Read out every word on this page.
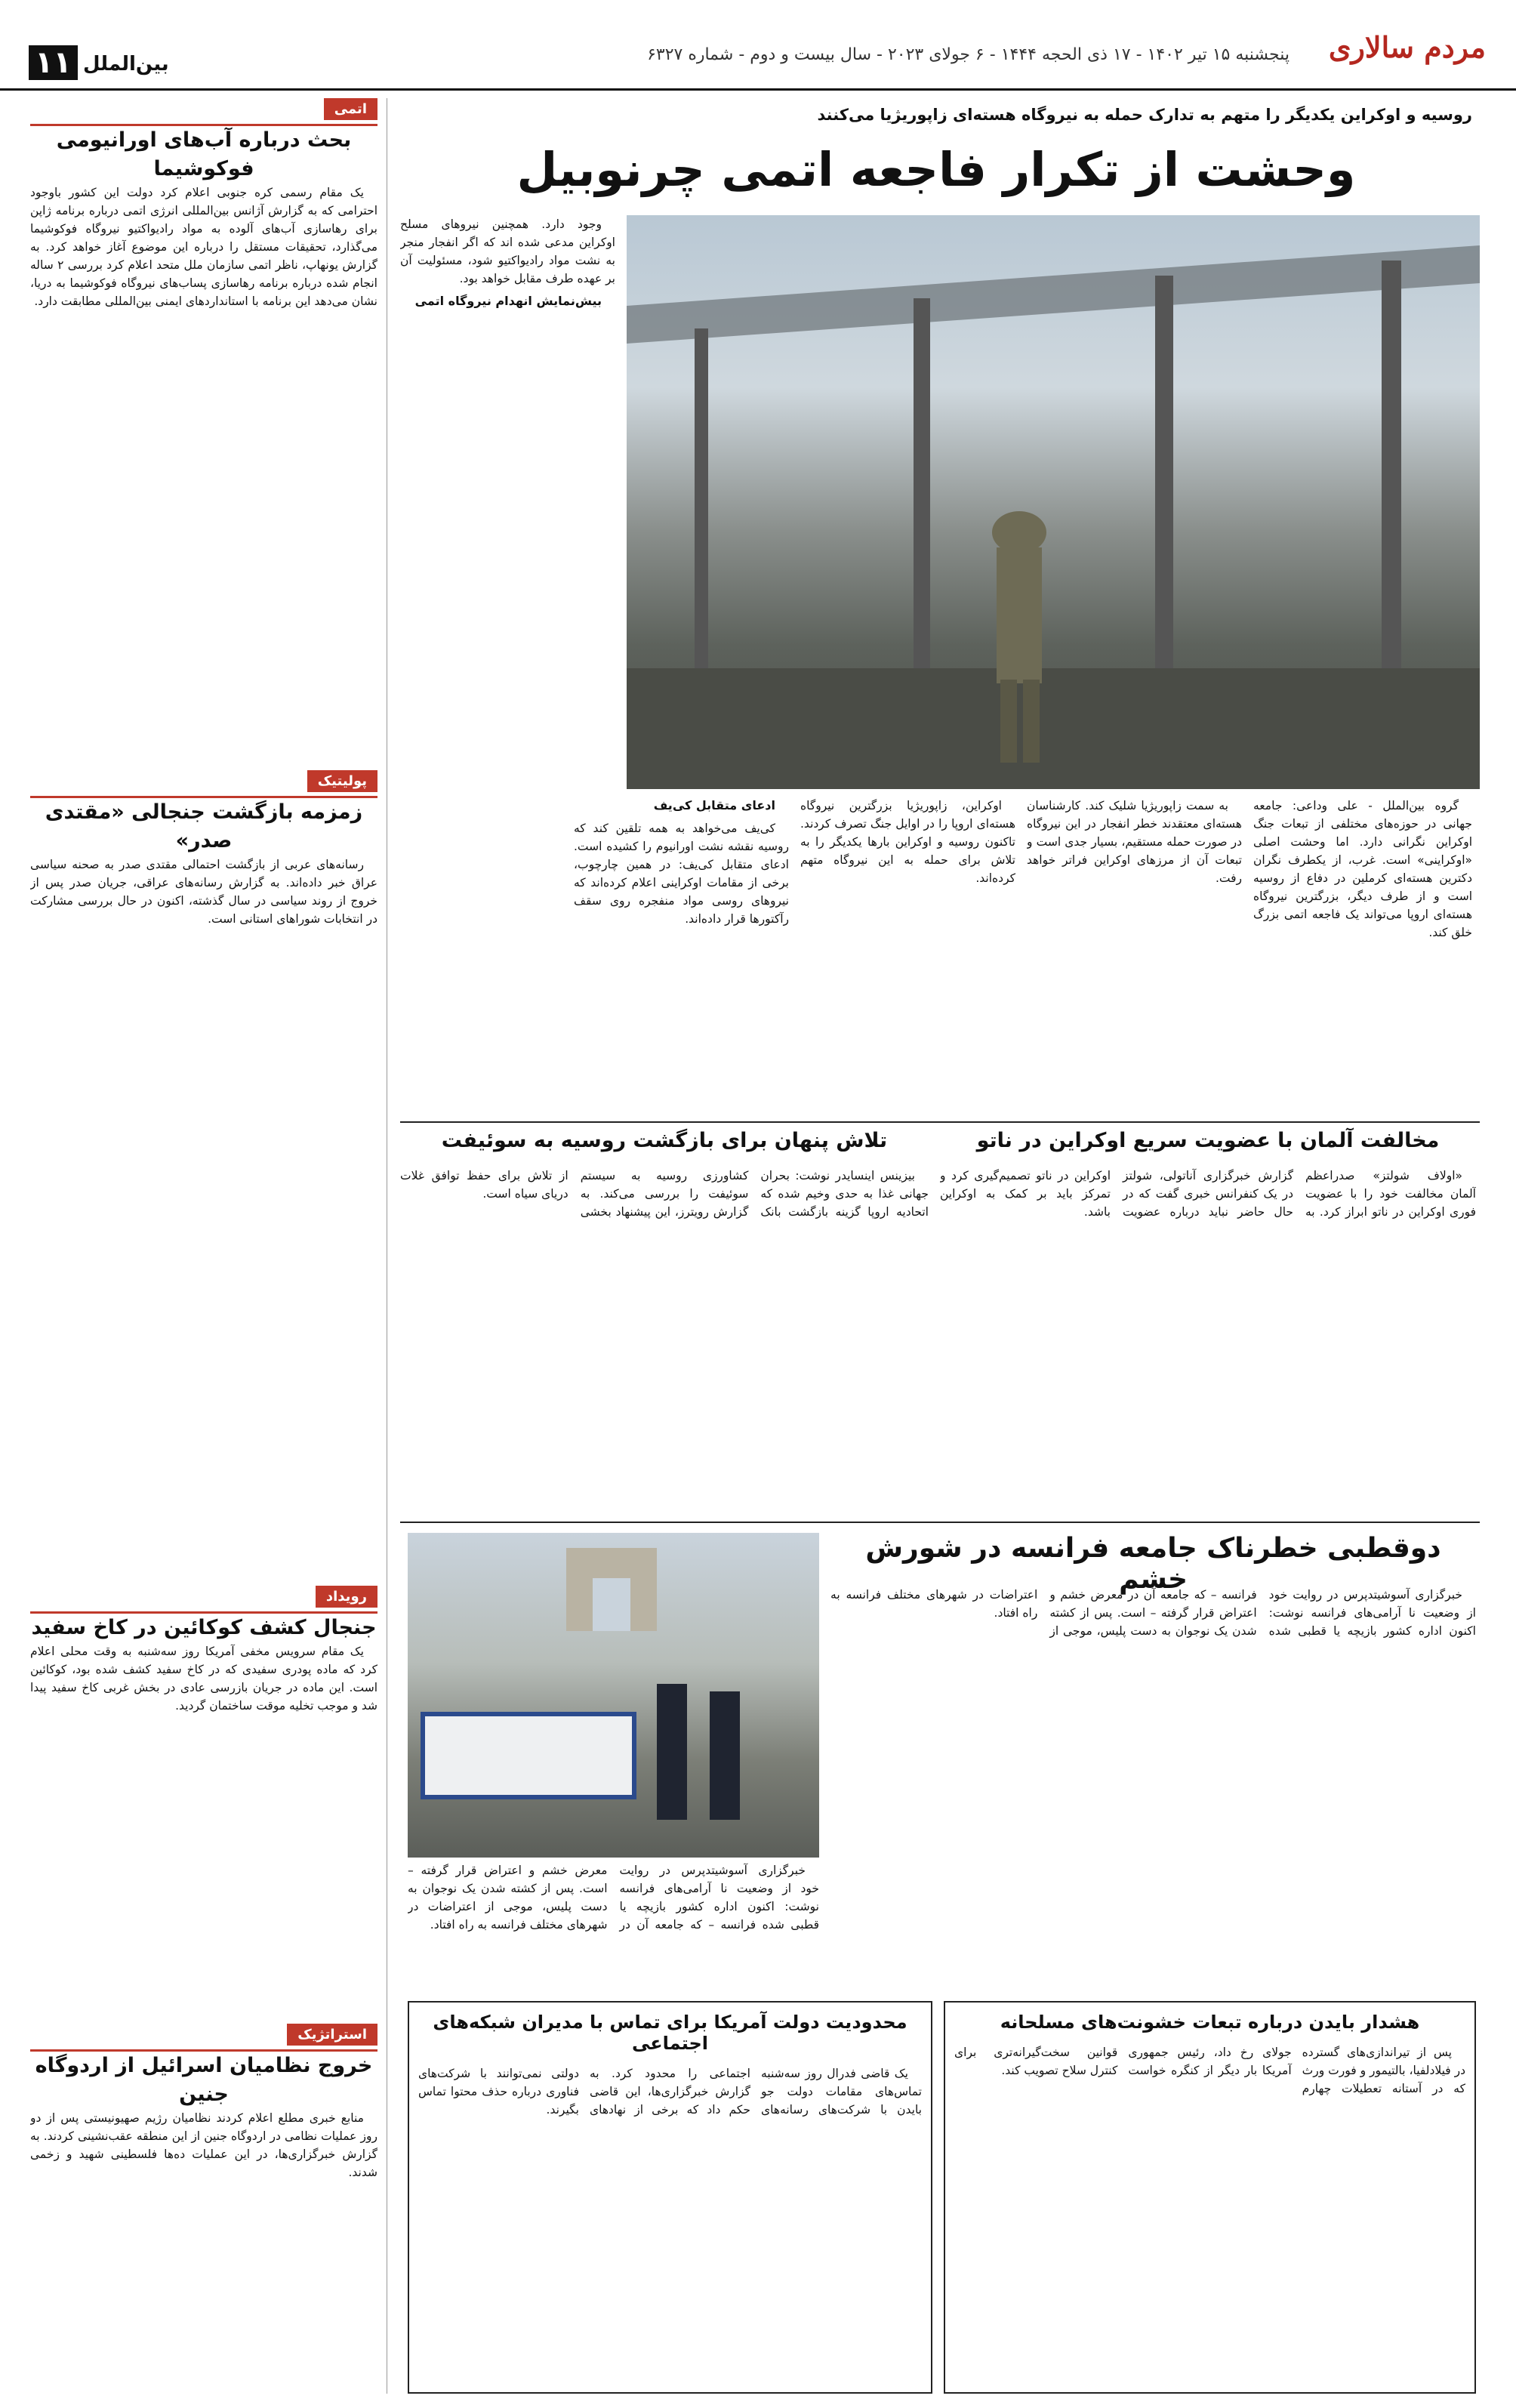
مردم سالاری
پنجشنبه ۱۵ تیر ۱۴۰۲ - ۱۷ ذی الحجه ۱۴۴۴ - ۶ جولای ۲۰۲۳ - سال بیست و دوم - شماره ۶۳۲۷
بین‌الملل
۱۱
روسیه و اوکراین یکدیگر را متهم به تدارک حمله به نیروگاه هسته‌ای زاپوریژیا می‌کنند
وحشت از تکرار فاجعه اتمی چرنوبیل

وجود دارد. همچنین نیروهای مسلح اوکراین مدعی شده اند که اگر انفجار منجر به نشت مواد رادیواکتیو شود، مسئولیت آن بر عهده طرف مقابل خواهد بود.

بیش‌نمایش انهدام نیروگاه اتمی

گروه بین‌الملل - علی وداعی: جامعه جهانی در حوزه‌های مختلفی از تبعات جنگ اوکراین نگرانی دارد. اما وحشت اصلی «اوکراینی» است. غرب، از یکطرف نگران دکترین هسته‌ای کرملین در دفاع از روسیه است و از طرف دیگر، بزرگترین نیروگاه هسته‌ای اروپا می‌تواند یک فاجعه اتمی بزرگ خلق کند.

به سمت زاپوریژیا شلیک کند. کارشناسان هسته‌ای معتقدند خطر انفجار در این نیروگاه در صورت حمله مستقیم، بسیار جدی است و تبعات آن از مرزهای اوکراین فراتر خواهد رفت.

اوکراین، زاپوریژیا بزرگترین نیروگاه هسته‌ای اروپا را در اوایل جنگ تصرف کردند. تاکنون روسیه و اوکراین بارها یکدیگر را به تلاش برای حمله به این نیروگاه متهم کرده‌اند.

ادعای متقابل کی‌یف

کی‌یف می‌خواهد به همه تلقین کند که روسیه نقشه نشت اورانیوم را کشیده است. ادعای متقابل کی‌یف: در همین چارچوب، برخی از مقامات اوکراینی اعلام کرده‌اند که نیروهای روسی مواد منفجره روی سقف رآکتورها قرار داده‌اند.

مخالفت آلمان با عضویت سریع اوکراین در ناتو

«اولاف شولتز» صدراعظم آلمان مخالفت خود را با عضویت فوری اوکراین در ناتو ابراز کرد. به گزارش خبرگزاری آناتولی، شولتز در یک کنفرانس خبری گفت که در حال حاضر نباید درباره عضویت اوکراین در ناتو تصمیم‌گیری کرد و تمرکز باید بر کمک به اوکراین باشد.

تلاش پنهان برای بازگشت روسیه به سوئیفت

بیزینس اینسایدر نوشت: بحران جهانی غذا به حدی وخیم شده که اتحادیه اروپا گزینه بازگشت بانک کشاورزی روسیه به سیستم سوئیفت را بررسی می‌کند. به گزارش رویترز، این پیشنهاد بخشی از تلاش برای حفظ توافق غلات دریای سیاه است.

دوقطبی خطرناک جامعه فرانسه در شورش خشم	خبرگزاری آسوشیتدپرس در روایت خود از وضعیت نا آرامی‌های فرانسه نوشت: اکنون اداره کشور بازیچه یا قطبی شده فرانسه – که جامعه آن در معرض خشم و اعتراض قرار گرفته – است. پس از کشته شدن یک نوجوان به دست پلیس، موجی از اعتراضات در شهرهای مختلف فرانسه به راه افتاد.

خبرگزاری آسوشیتدپرس در روایت خود از وضعیت نا آرامی‌های فرانسه نوشت: اکنون اداره کشور بازیچه یا قطبی شده فرانسه – که جامعه آن در معرض خشم و اعتراض قرار گرفته – است. پس از کشته شدن یک نوجوان به دست پلیس، موجی از اعتراضات در شهرهای مختلف فرانسه به راه افتاد.

هشدار بایدن درباره تبعات خشونت‌های مسلحانه

پس از تیراندازی‌های گسترده در فیلادلفیا، بالتیمور و فورت ورث که در آستانه تعطیلات چهارم جولای رخ داد، رئیس جمهوری آمریکا بار دیگر از کنگره خواست قوانین سخت‌گیرانه‌تری برای کنترل سلاح تصویب کند.

محدودیت دولت آمریکا برای تماس با مدیران شبکه‌های اجتماعی

یک قاضی فدرال روز سه‌شنبه تماس‌های مقامات دولت جو بایدن با شرکت‌های رسانه‌های اجتماعی را محدود کرد. به گزارش خبرگزاری‌ها، این قاضی حکم داد که برخی از نهادهای دولتی نمی‌توانند با شرکت‌های فناوری درباره حذف محتوا تماس بگیرند.

اتمی
بحث درباره آب‌های اورانیومی فوکوشیما

یک مقام رسمی کره جنوبی اعلام کرد دولت این کشور باوجود احترامی که به گزارش آژانس بین‌المللی انرژی اتمی درباره برنامه ژاپن برای رهاسازی آب‌های آلوده به مواد رادیواکتیو نیروگاه فوکوشیما می‌گذارد، تحقیقات مستقل را درباره این موضوع آغاز خواهد کرد. به گزارش یونهاپ، ناظر اتمی سازمان ملل متحد اعلام کرد بررسی ۲ ساله انجام شده درباره برنامه رهاسازی پساب‌های نیروگاه فوکوشیما به دریا، نشان می‌دهد این برنامه با استانداردهای ایمنی بین‌المللی مطابقت دارد.

پولیتیک
زمزمه بازگشت جنجالی «مقتدی صدر»

رسانه‌های عربی از بازگشت احتمالی مقتدی صدر به صحنه سیاسی عراق خبر داده‌اند. به گزارش رسانه‌های عراقی، جریان صدر پس از خروج از روند سیاسی در سال گذشته، اکنون در حال بررسی مشارکت در انتخابات شوراهای استانی است.

رویداد
جنجال کشف کوکائین در کاخ سفید

یک مقام سرویس مخفی آمریکا روز سه‌شنبه به وقت محلی اعلام کرد که ماده پودری سفیدی که در کاخ سفید کشف شده بود، کوکائین است. این ماده در جریان بازرسی عادی در بخش غربی کاخ سفید پیدا شد و موجب تخلیه موقت ساختمان گردید.

استراتژیک
خروج نظامیان اسرائیل از اردوگاه جنین

منابع خبری مطلع اعلام کردند نظامیان رژیم صهیونیستی پس از دو روز عملیات نظامی در اردوگاه جنین از این منطقه عقب‌نشینی کردند. به گزارش خبرگزاری‌ها، در این عملیات ده‌ها فلسطینی شهید و زخمی شدند.
